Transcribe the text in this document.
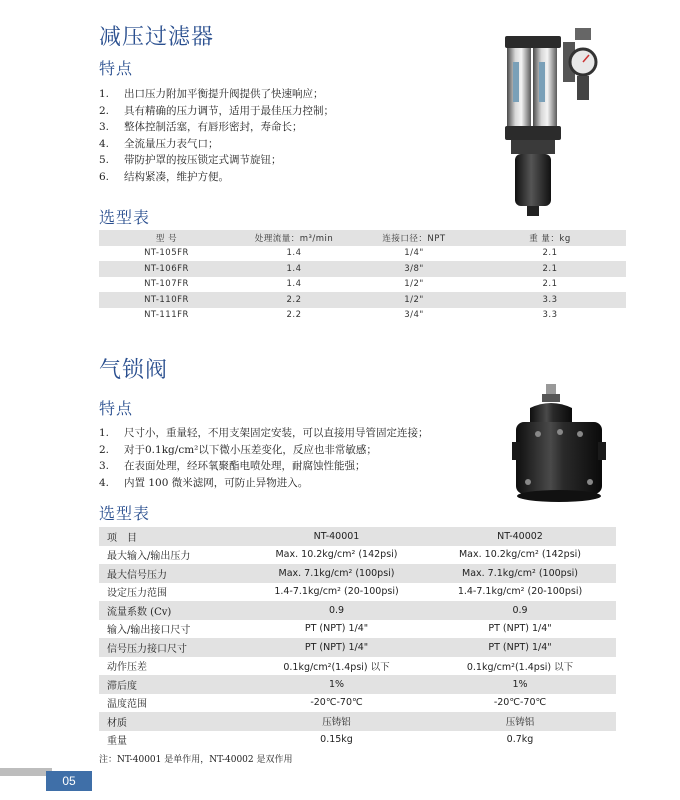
减压过滤器
特点
1. 出口压力附加平衡提升阀提供了快速响应；
2. 具有精确的压力调节，适用于最佳压力控制；
3. 整体控制活塞，有唇形密封，寿命长；
4. 全流量压力表气口；
5. 带防护罩的按压锁定式调节旋钮；
6. 结构紧凑，维护方便。
选型表
型 号	处理流量：m³/min	连接口径：NPT	重 量：kg
NT-105FR	1.4	1/4"	2.1
NT-106FR	1.4	3/8"	2.1
NT-107FR	1.4	1/2"	2.1
NT-110FR	2.2	1/2"	3.3
NT-111FR	2.2	3/4"	3.3
气锁阀
特点
1. 尺寸小，重量轻，不用支架固定安装，可以直接用导管固定连接；
2. 对于0.1kg/cm²以下微小压差变化，反应也非常敏感；
3. 在表面处理，经环氧聚酯电喷处理，耐腐蚀性能强；
4. 内置 100 微米滤网，可防止异物进入。
选型表
项　目	NT-40001	NT-40002
最大输入/输出压力	Max. 10.2kg/cm² (142psi)	Max. 10.2kg/cm² (142psi)
最大信号压力	Max. 7.1kg/cm² (100psi)	Max. 7.1kg/cm² (100psi)
设定压力范围	1.4-7.1kg/cm² (20-100psi)	1.4-7.1kg/cm² (20-100psi)
流量系数 (Cv)	0.9	0.9
输入/输出接口尺寸	PT (NPT) 1/4"	PT (NPT) 1/4"
信号压力接口尺寸	PT (NPT) 1/4"	PT (NPT) 1/4"
动作压差	0.1kg/cm²(1.4psi) 以下	0.1kg/cm²(1.4psi) 以下
滞后度	1%	1%
温度范围	-20℃-70℃	-20℃-70℃
材质	压铸铝	压铸铝
重量	0.15kg	0.7kg
注：NT-40001 是单作用，NT-40002 是双作用
05
